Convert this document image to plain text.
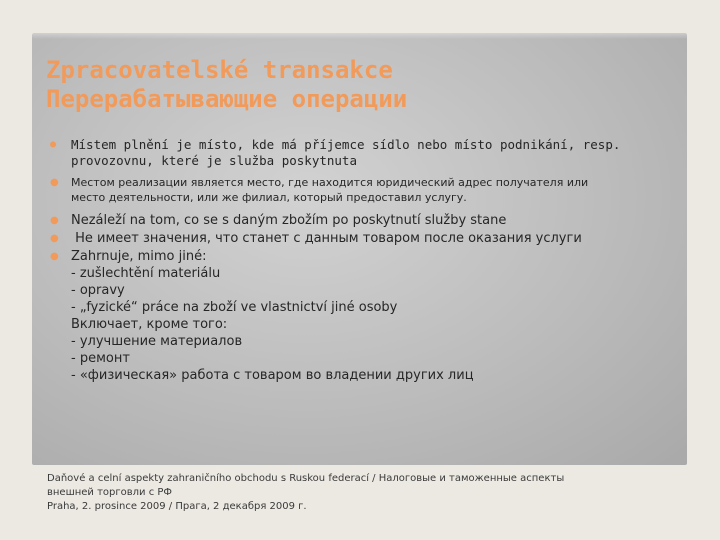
Zpracovatelské transakce
Перерабатывающие операции
● Místem plnění je místo, kde má příjemce sídlo nebo místo podnikání, resp.
provozovnu, které je služba poskytnuta
● Местом реализации является место, где находится юридический адрес получателя или
место деятельности, или же филиал, который предоставил услугу.
● Nezáleží na tom, co se s daným zbožím po poskytnutí služby stane
● Не имеет значения, что станет с данным товаром после оказания услуги
● Zahrnuje, mimo jiné:
- zušlechtění materiálu
- opravy
- „fyzické“ práce na zboží ve vlastnictví jiné osoby
Включает, кроме того:
- улучшение материалов
- ремонт
- «физическая» работа с товаром во владении других лиц
Daňové a celní aspekty zahraničního obchodu s Ruskou federací / Налоговые и таможенные аспекты
внешней торговли с РФ
Praha, 2. prosince 2009 / Прага, 2 декабря 2009 г.
